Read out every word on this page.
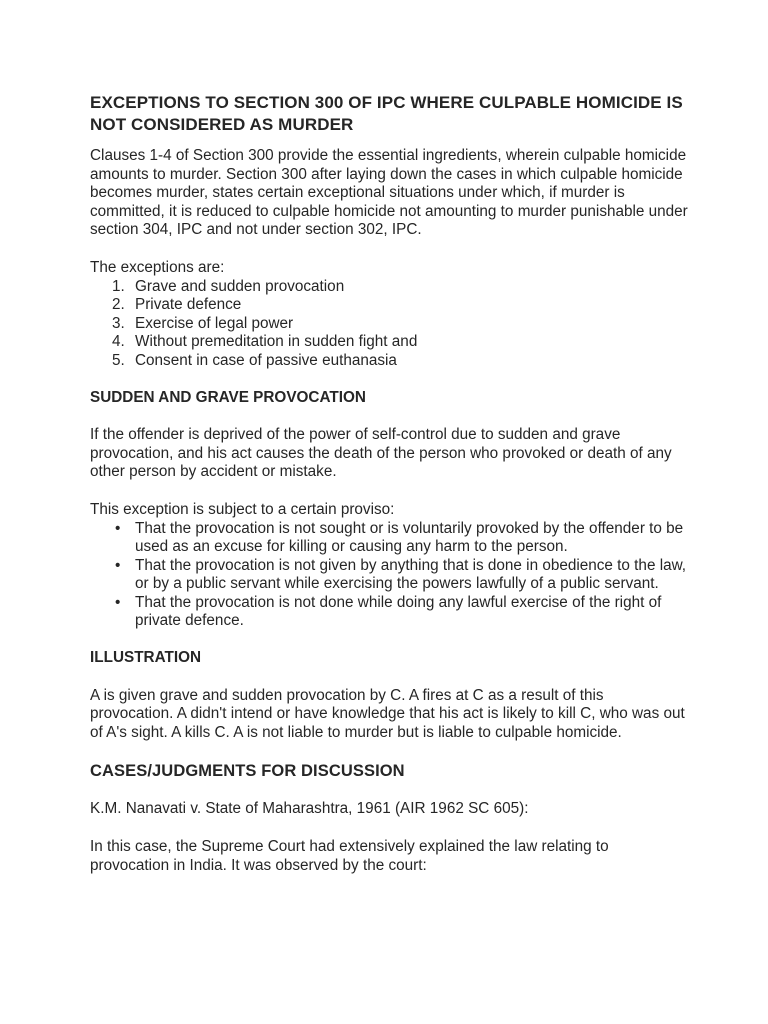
EXCEPTIONS TO SECTION 300 OF IPC WHERE CULPABLE HOMICIDE IS NOT CONSIDERED AS MURDER

Clauses 1-4 of Section 300 provide the essential ingredients, wherein culpable homicide amounts to murder. Section 300 after laying down the cases in which culpable homicide becomes murder, states certain exceptional situations under which, if murder is committed, it is reduced to culpable homicide not amounting to murder punishable under section 304, IPC and not under section 302, IPC.

The exceptions are:

1. Grave and sudden provocation
2. Private defence
3. Exercise of legal power
4. Without premeditation in sudden fight and
5. Consent in case of passive euthanasia
SUDDEN AND GRAVE PROVOCATION

If the offender is deprived of the power of self-control due to sudden and grave provocation, and his act causes the death of the person who provoked or death of any other person by accident or mistake.

This exception is subject to a certain proviso:

• That the provocation is not sought or is voluntarily provoked by the offender to be used as an excuse for killing or causing any harm to the person.
• That the provocation is not given by anything that is done in obedience to the law, or by a public servant while exercising the powers lawfully of a public servant.
• That the provocation is not done while doing any lawful exercise of the right of private defence.
ILLUSTRATION

A is given grave and sudden provocation by C. A fires at C as a result of this provocation. A didn't intend or have knowledge that his act is likely to kill C, who was out of A's sight. A kills C. A is not liable to murder but is liable to culpable homicide.

CASES/JUDGMENTS FOR DISCUSSION

K.M. Nanavati v. State of Maharashtra, 1961 (AIR 1962 SC 605):

In this case, the Supreme Court had extensively explained the law relating to provocation in India. It was observed by the court:
